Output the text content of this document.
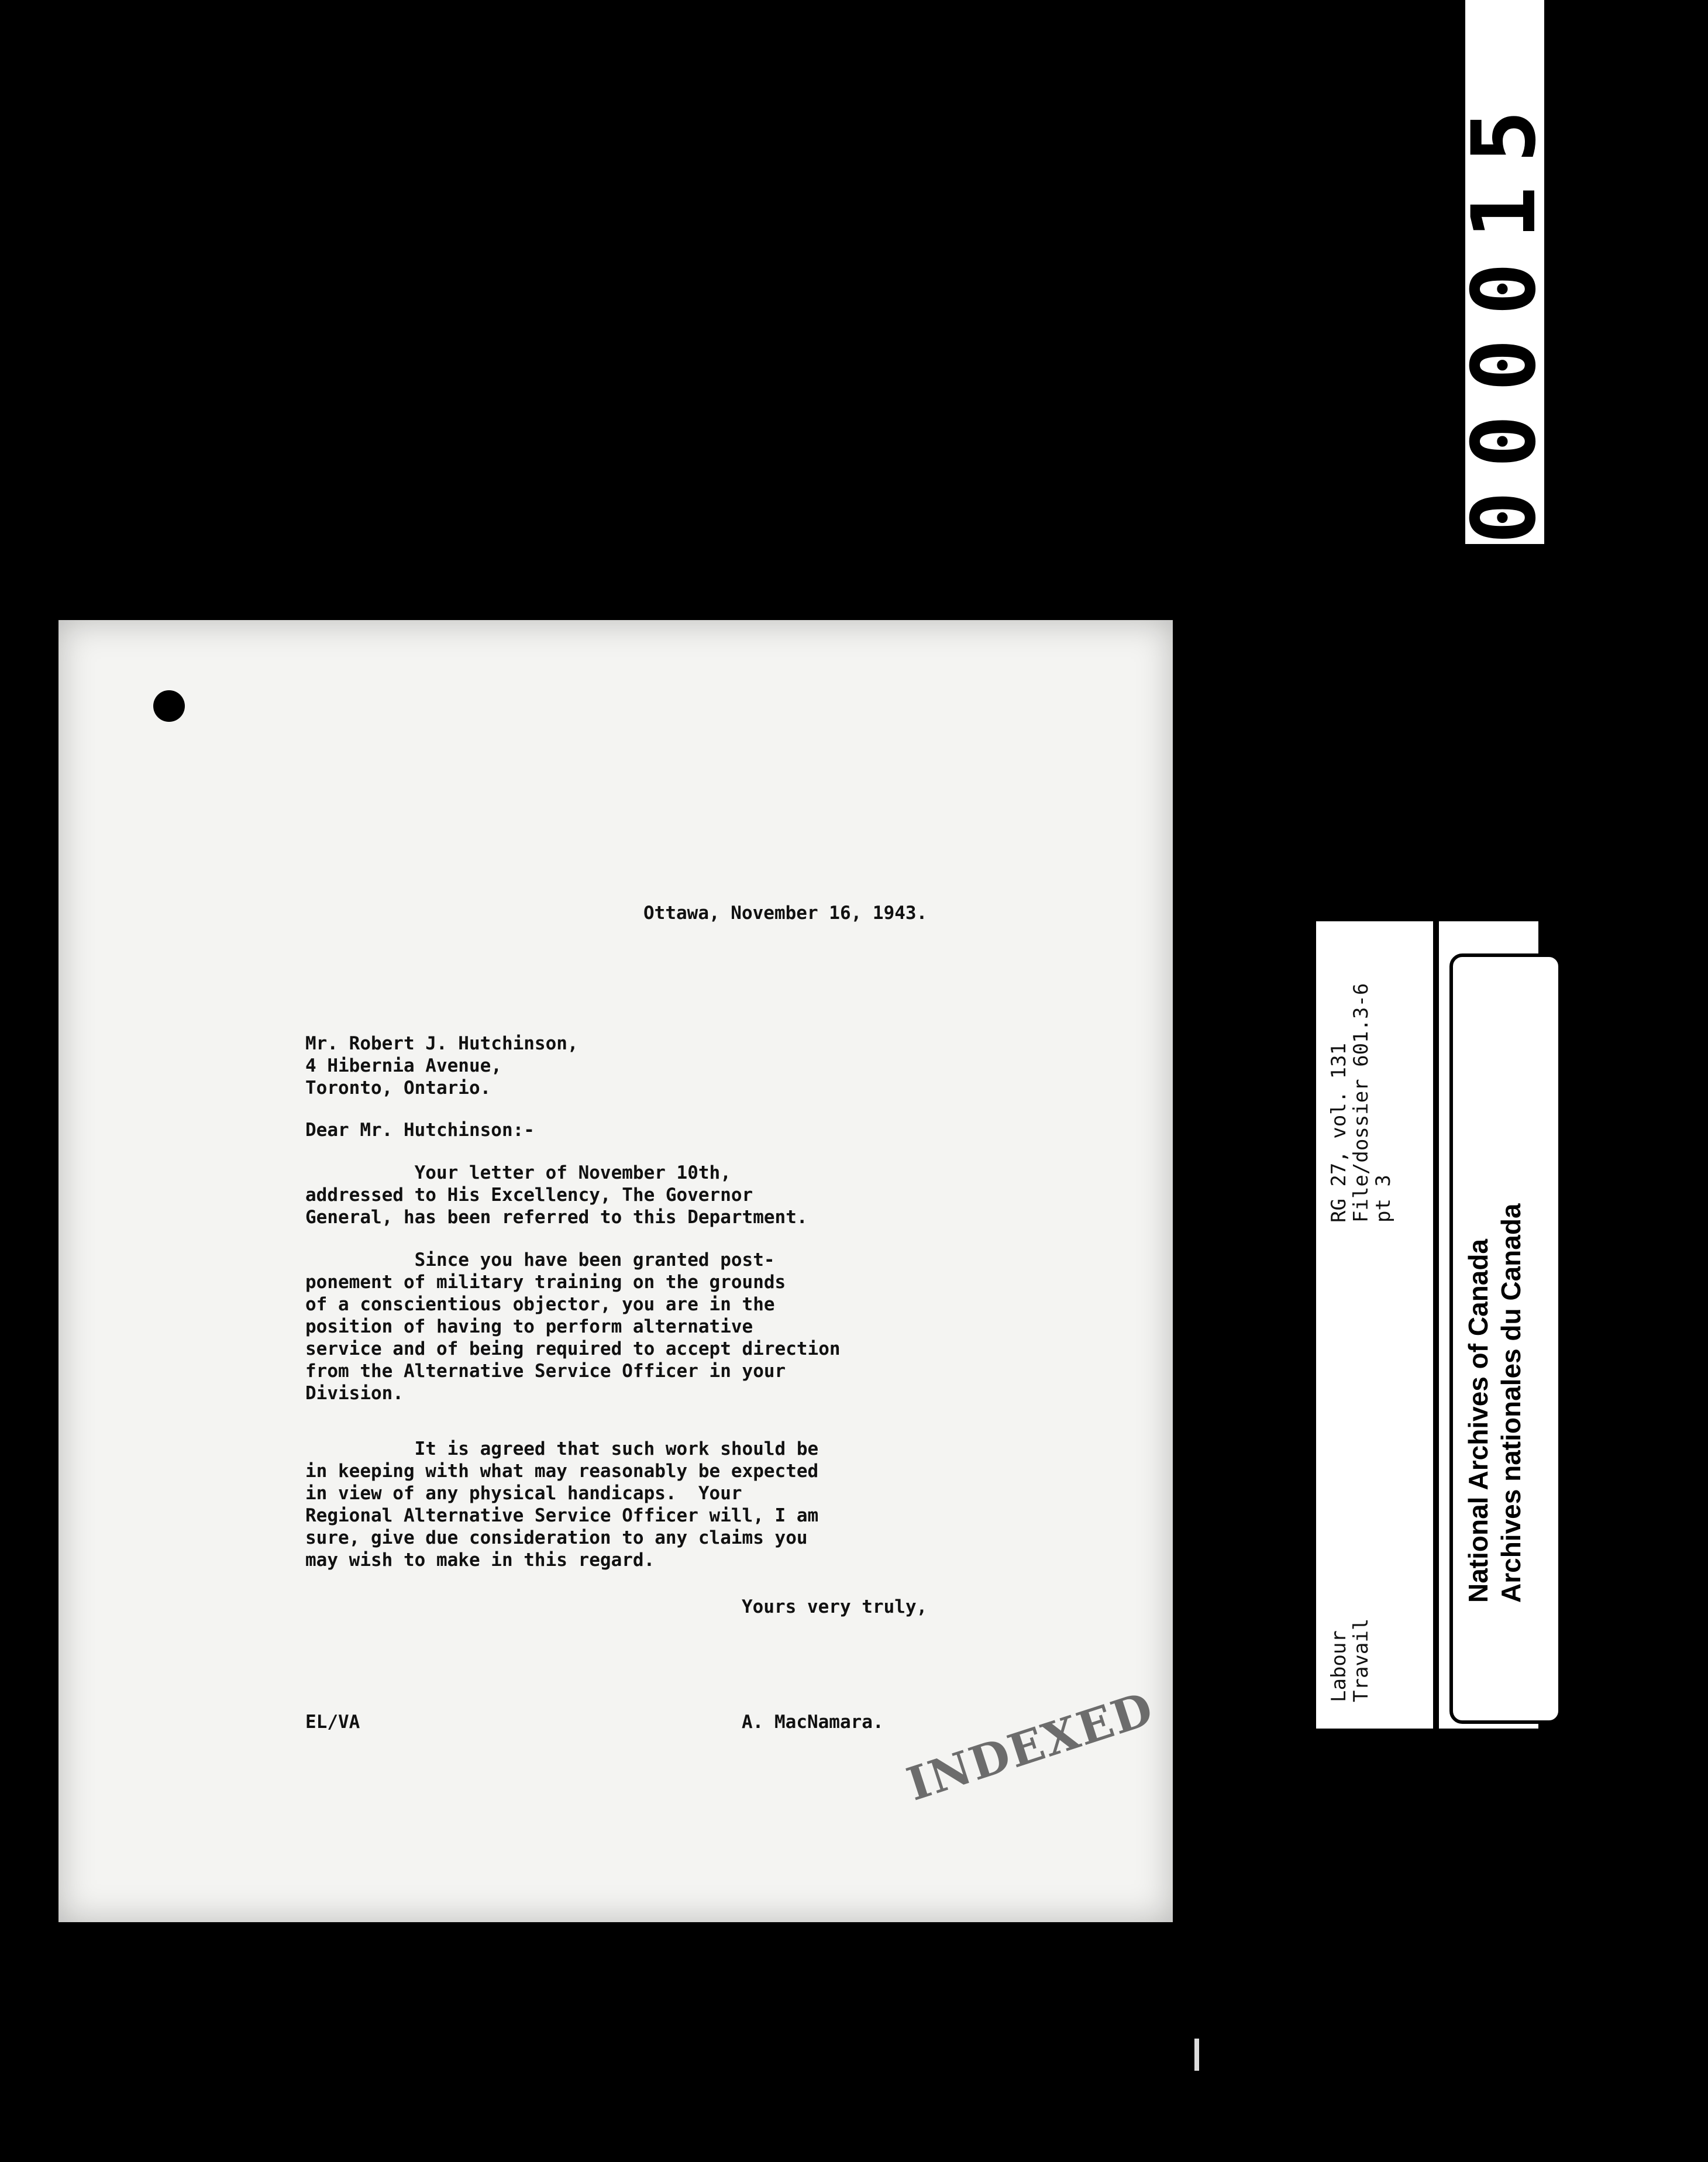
000015
Ottawa, November 16, 1943.
Mr. Robert J. Hutchinson,
4 Hibernia Avenue,
Toronto, Ontario.
Dear Mr. Hutchinson:-
Your letter of November 10th,
addressed to His Excellency, The Governor
General, has been referred to this Department.
Since you have been granted post-
ponement of military training on the grounds
of a conscientious objector, you are in the
position of having to perform alternative
service and of being required to accept direction
from the Alternative Service Officer in your
Division.
It is agreed that such work should be
in keeping with what may reasonably be expected
in view of any physical handicaps.  Your
Regional Alternative Service Officer will, I am
sure, give due consideration to any claims you
may wish to make in this regard.
Yours very truly,
EL/VA	A. MacNamara. INDEXED
RG 27, vol. 131
File/dossier 601.3-6
pt 3
Labour
Travail
National Archives of Canada Archives nationales du Canada
